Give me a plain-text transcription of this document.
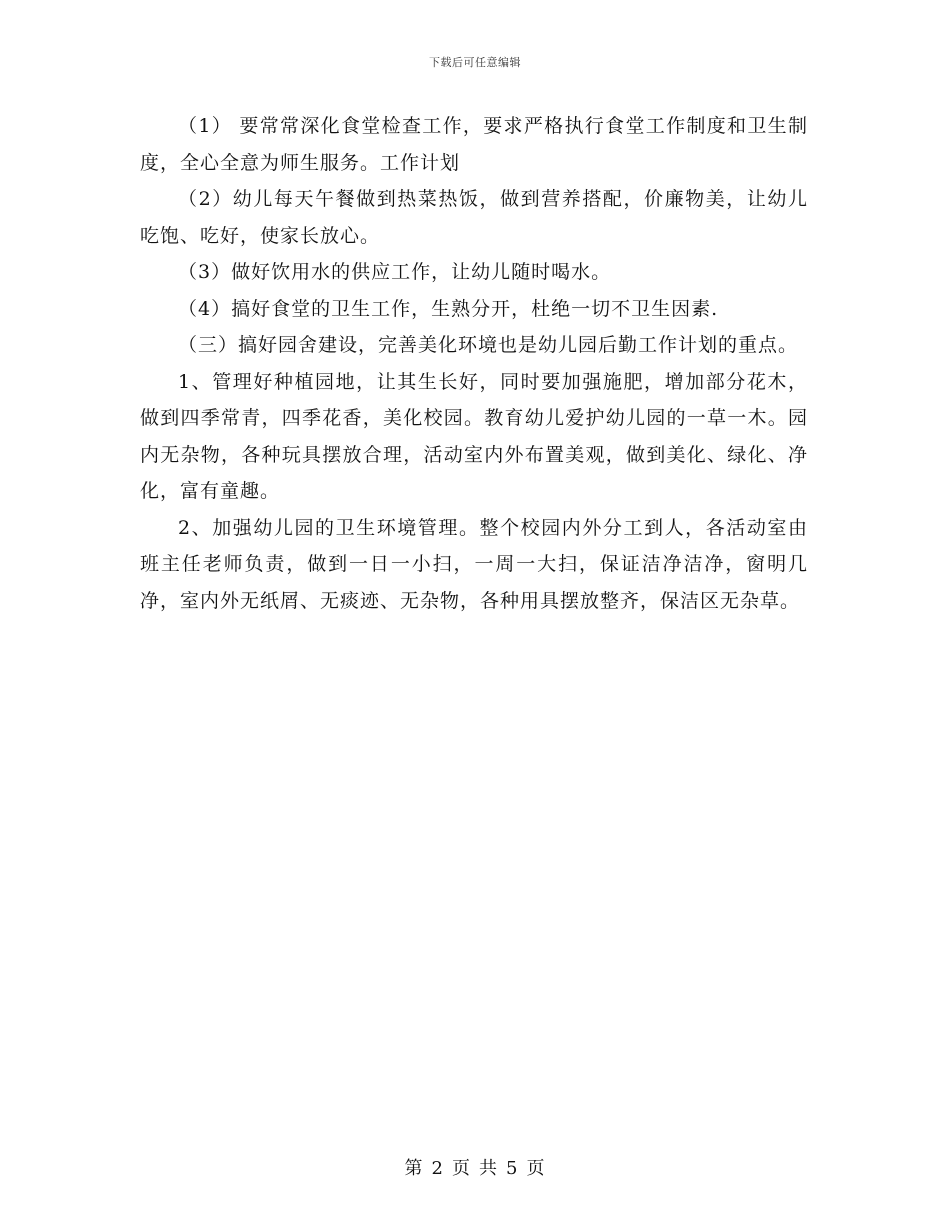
下载后可任意编辑

（1） 要常常深化食堂检查工作，要求严格执行食堂工作制度和卫生制度，全心全意为师生服务。工作计划

（2）幼儿每天午餐做到热菜热饭，做到营养搭配，价廉物美，让幼儿吃饱、吃好，使家长放心。

（3）做好饮用水的供应工作，让幼儿随时喝水。

（4）搞好食堂的卫生工作，生熟分开，杜绝一切不卫生因素.

（三）搞好园舍建设，完善美化环境也是幼儿园后勤工作计划的重点。

1、管理好种植园地，让其生长好，同时要加强施肥，增加部分花木，做到四季常青，四季花香，美化校园。教育幼儿爱护幼儿园的一草一木。园内无杂物，各种玩具摆放合理，活动室内外布置美观，做到美化、绿化、净化，富有童趣。

2、加强幼儿园的卫生环境管理。整个校园内外分工到人，各活动室由班主任老师负责，做到一日一小扫，一周一大扫，保证洁净洁净，窗明几净，室内外无纸屑、无痰迹、无杂物，各种用具摆放整齐，保洁区无杂草。

第 2 页 共 5 页
